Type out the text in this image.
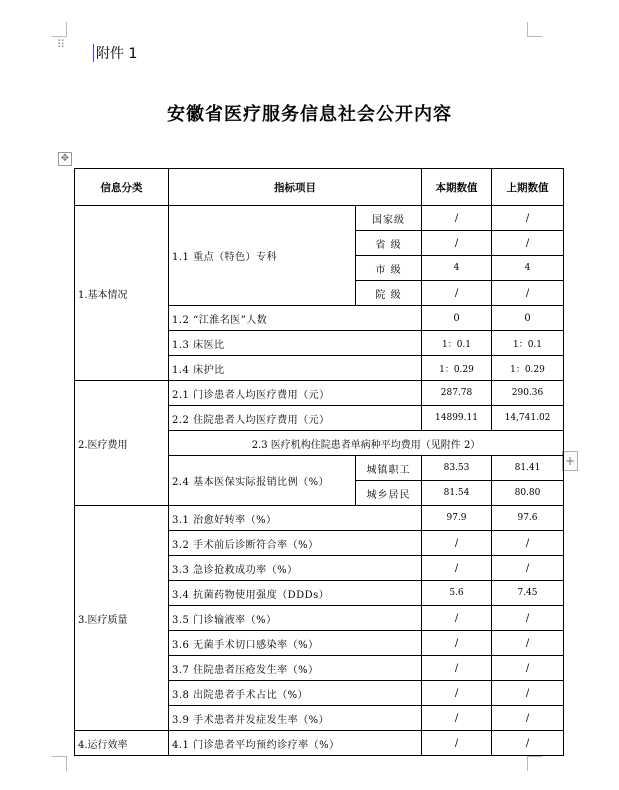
⠿
附件 1
安徽省医疗服务信息社会公开内容
✥
+
信息分类	指标项目		本期数值	上期数值
1.基本情况	1.1 重点（特色）专科	国家级	/	/
		省 级	/	/
		市 级	4	4
		院 级	/	/
	1.2 “江淮名医”人数		0	0
	1.3 床医比		1：0.1	1：0.1
	1.4 床护比		1：0.29	1：0.29
2.医疗费用	2.1 门诊患者人均医疗费用（元）		287.78	290.36
	2.2 住院患者人均医疗费用（元）		14899.11	14,741.02
	2.3 医疗机构住院患者单病种平均费用（见附件 2）			
	2.4 基本医保实际报销比例（%）	城镇职工	83.53	81.41
		城乡居民	81.54	80.80
3.医疗质量	3.1 治愈好转率（%）		97.9	97.6
	3.2 手术前后诊断符合率（%）		/	/
	3.3 急诊抢救成功率（%）		/	/
	3.4 抗菌药物使用强度（DDDs）		5.6	7.45
	3.5 门诊输液率（%）		/	/
	3.6 无菌手术切口感染率（%）		/	/
	3.7 住院患者压疮发生率（%）		/	/
	3.8 出院患者手术占比（%）		/	/
	3.9 手术患者并发症发生率（%）		/	/
4.运行效率	4.1 门诊患者平均预约诊疗率（%）		/	/
